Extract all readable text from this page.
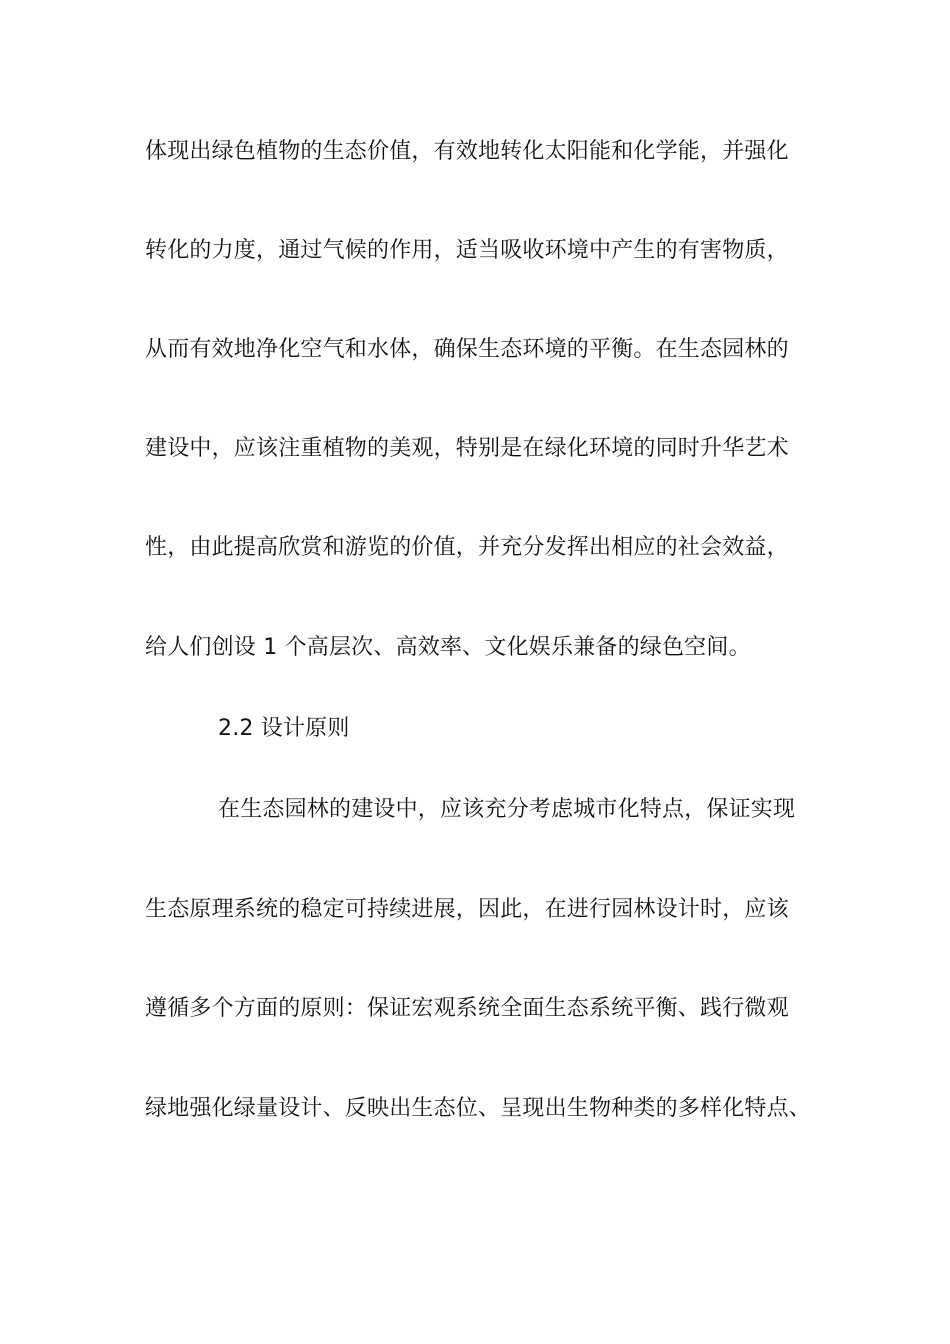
体现出绿色植物的生态价值，有效地转化太阳能和化学能，并强化
转化的力度，通过气候的作用，适当吸收环境中产生的有害物质，
从而有效地净化空气和水体，确保生态环境的平衡。在生态园林的
建设中，应该注重植物的美观，特别是在绿化环境的同时升华艺术
性，由此提高欣赏和游览的价值，并充分发挥出相应的社会效益，
给人们创设 1 个高层次、高效率、文化娱乐兼备的绿色空间。
2.2 设计原则
在生态园林的建设中，应该充分考虑城市化特点，保证实现
生态原理系统的稳定可持续进展，因此，在进行园林设计时，应该
遵循多个方面的原则：保证宏观系统全面生态系统平衡、践行微观
绿地强化绿量设计、反映出生态位、呈现出生物种类的多样化特点、
